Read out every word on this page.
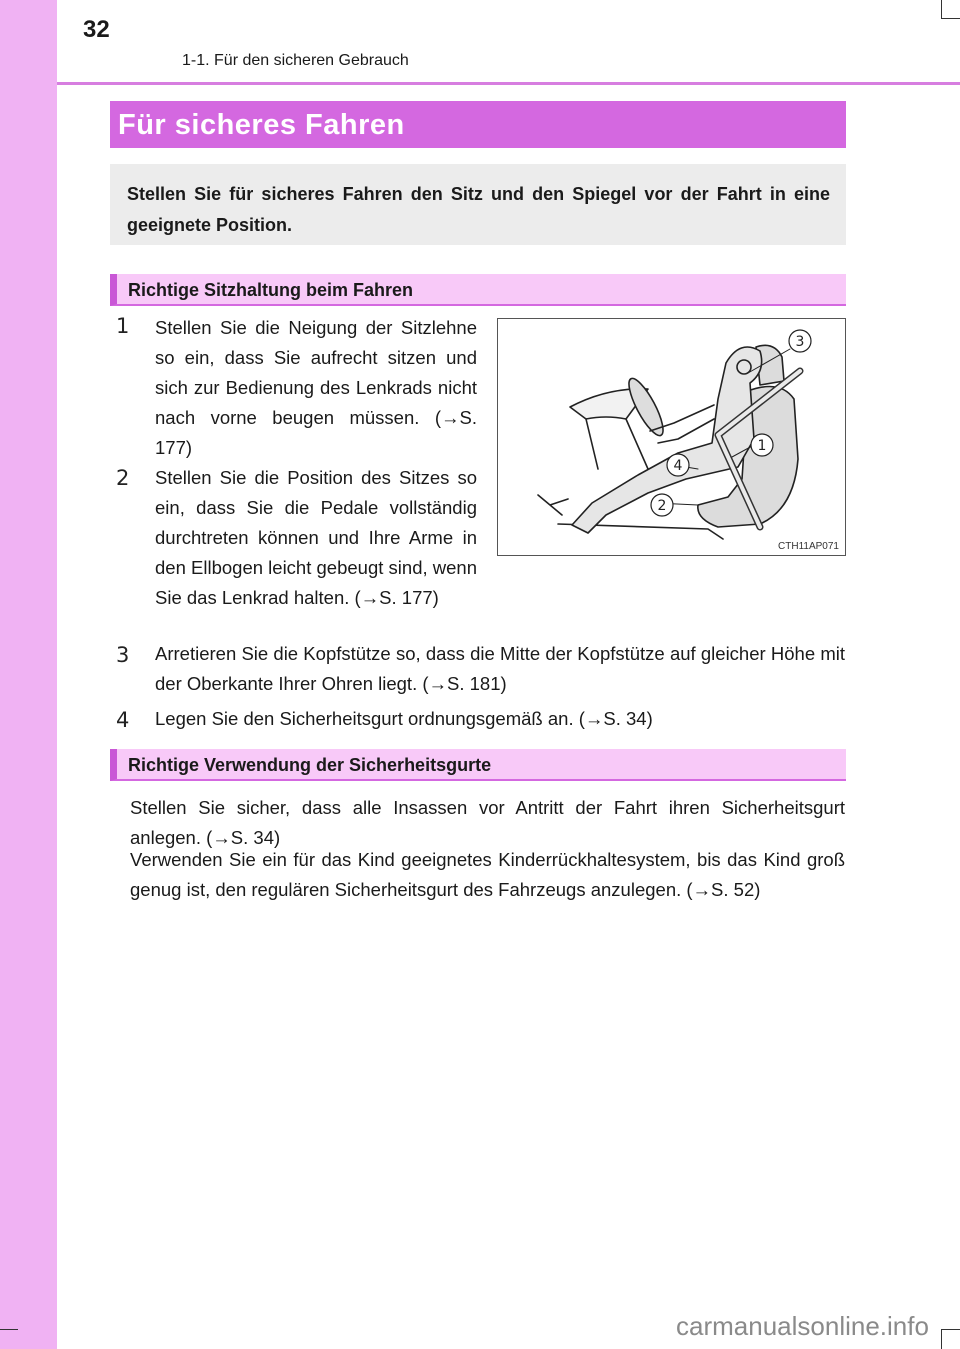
32
1-1. Für den sicheren Gebrauch
Für sicheres Fahren
Stellen Sie für sicheres Fahren den Sitz und den Spiegel vor der Fahrt in eine geeignete Position.
Richtige Sitzhaltung beim Fahren
1 Stellen Sie die Neigung der Sitzlehne so ein, dass Sie aufrecht sitzen und sich zur Bedienung des Lenkrads nicht nach vorne beugen müssen. (→S. 177)
2 Stellen Sie die Position des Sitzes so ein, dass Sie die Pedale vollständig durchtreten können und Ihre Arme in den Ellbogen leicht gebeugt sind, wenn Sie das Lenkrad halten. (→S. 177)
3
1
4
2
CTH11AP071
3 Arretieren Sie die Kopfstütze so, dass die Mitte der Kopfstütze auf gleicher Höhe mit der Oberkante Ihrer Ohren liegt. (→S. 181)
4 Legen Sie den Sicherheitsgurt ordnungsgemäß an. (→S. 34)
Richtige Verwendung der Sicherheitsgurte
Stellen Sie sicher, dass alle Insassen vor Antritt der Fahrt ihren Sicherheitsgurt anlegen. (→S. 34)
Verwenden Sie ein für das Kind geeignetes Kinderrückhaltesystem, bis das Kind groß genug ist, den regulären Sicherheitsgurt des Fahrzeugs anzulegen. (→S. 52)
carmanualsonline.info
